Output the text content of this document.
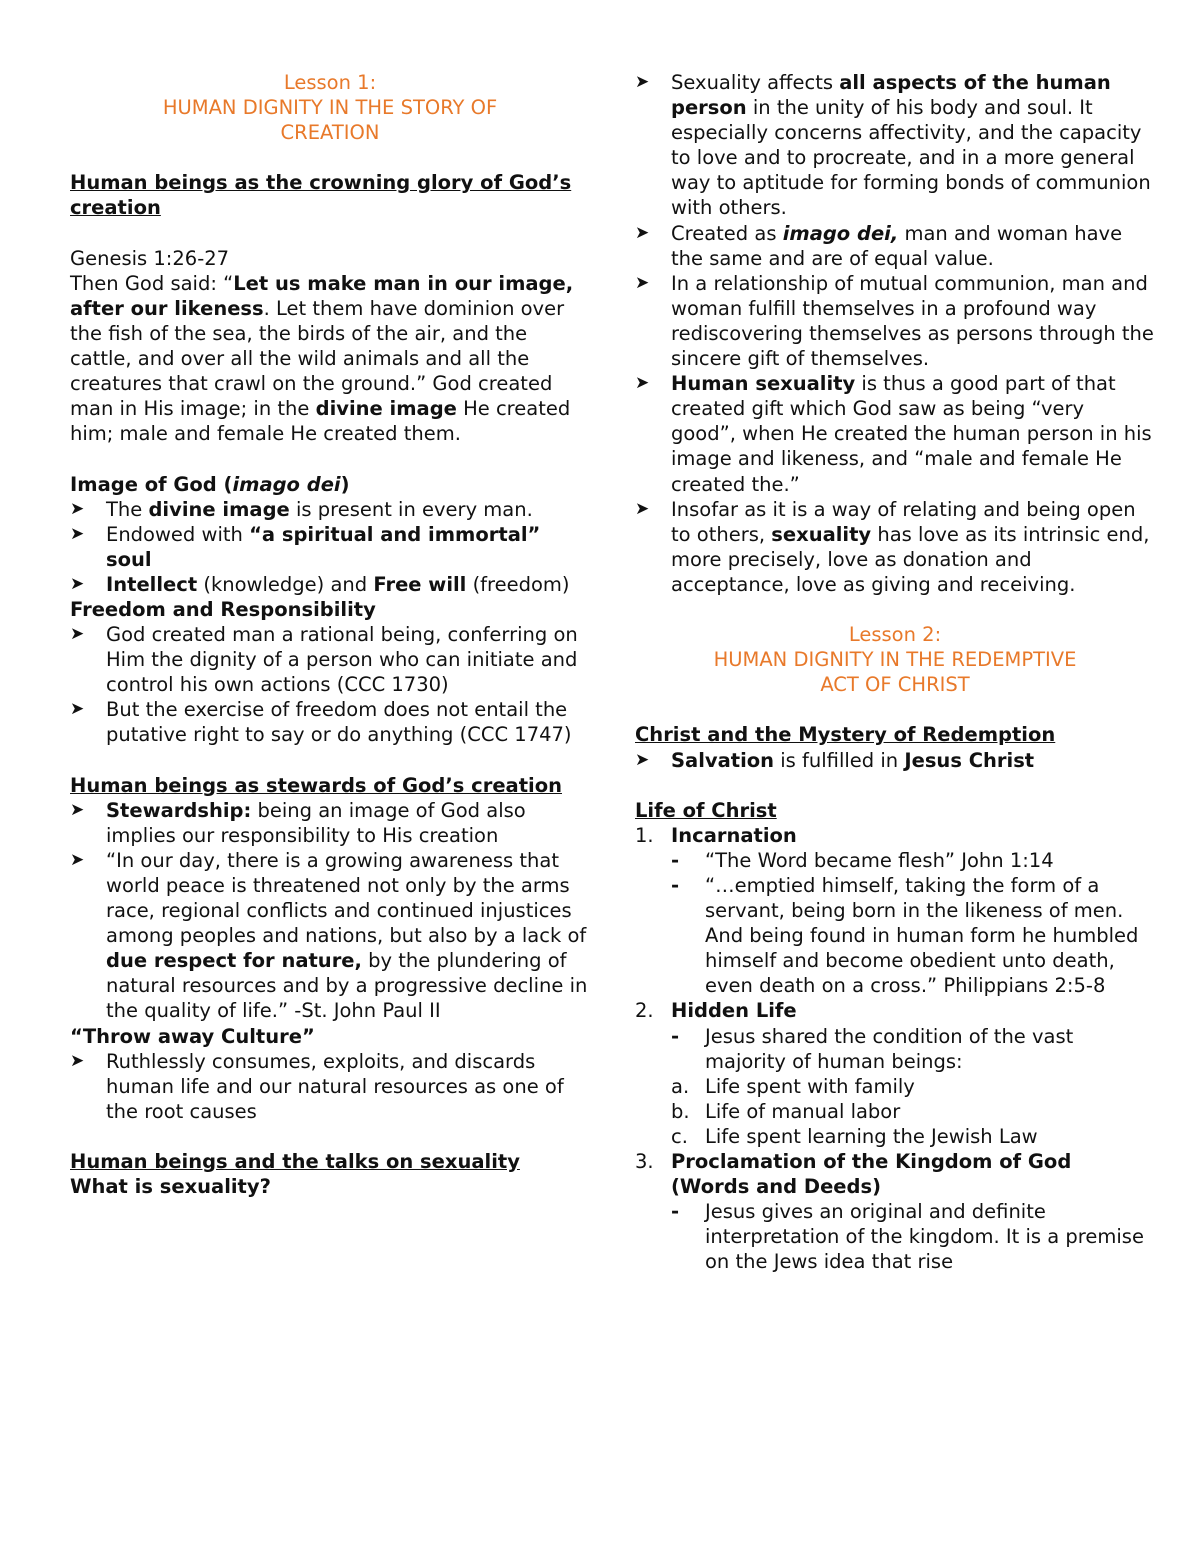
Lesson 1:
HUMAN DIGNITY IN THE STORY OF
CREATION
Human beings as the crowning glory of God’s creation
Genesis 1:26-27

Then God said: “Let us make man in our image, after our likeness. Let them have dominion over the fish of the sea, the birds of the air, and the cattle, and over all the wild animals and all the creatures that crawl on the ground.” God created man in His image; in the divine image He created him; male and female He created them.

Image of God (imago dei)
➤ The divine image is present in every man.
➤ Endowed with “a spiritual and immortal” soul
➤ Intellect (knowledge) and Free will (freedom)
Freedom and Responsibility
➤ God created man a rational being, conferring on Him the dignity of a person who can initiate and control his own actions (CCC 1730)
➤ But the exercise of freedom does not entail the putative right to say or do anything (CCC 1747)
Human beings as stewards of God’s creation
➤ Stewardship: being an image of God also implies our responsibility to His creation
➤ “In our day, there is a growing awareness that world peace is threatened not only by the arms race, regional conflicts and continued injustices among peoples and nations, but also by a lack of due respect for nature, by the plundering of natural resources and by a progressive decline in the quality of life.” -St. John Paul II
“Throw away Culture”
➤ Ruthlessly consumes, exploits, and discards human life and our natural resources as one of the root causes
Human beings and the talks on sexuality
What is sexuality?
➤ Sexuality affects all aspects of the human person in the unity of his body and soul. It especially concerns affectivity, and the capacity to love and to procreate, and in a more general way to aptitude for forming bonds of communion with others.
➤ Created as imago dei, man and woman have the same and are of equal value.
➤ In a relationship of mutual communion, man and woman fulfill themselves in a profound way rediscovering themselves as persons through the sincere gift of themselves.
➤ Human sexuality is thus a good part of that created gift which God saw as being “very good”, when He created the human person in his image and likeness, and “male and female He created the.”
➤ Insofar as it is a way of relating and being open to others, sexuality has love as its intrinsic end, more precisely, love as donation and acceptance, love as giving and receiving.
Lesson 2:
HUMAN DIGNITY IN THE REDEMPTIVE
ACT OF CHRIST
Christ and the Mystery of Redemption
➤ Salvation is fulfilled in Jesus Christ
Life of Christ
1. Incarnation
- “The Word became flesh” John 1:14
- “…emptied himself, taking the form of a servant, being born in the likeness of men. And being found in human form he humbled himself and become obedient unto death, even death on a cross.” Philippians 2:5-8
2. Hidden Life
- Jesus shared the condition of the vast majority of human beings:
a. Life spent with family
b. Life of manual labor
c. Life spent learning the Jewish Law
3. Proclamation of the Kingdom of God (Words and Deeds)
- Jesus gives an original and definite interpretation of the kingdom. It is a premise on the Jews idea that rise
